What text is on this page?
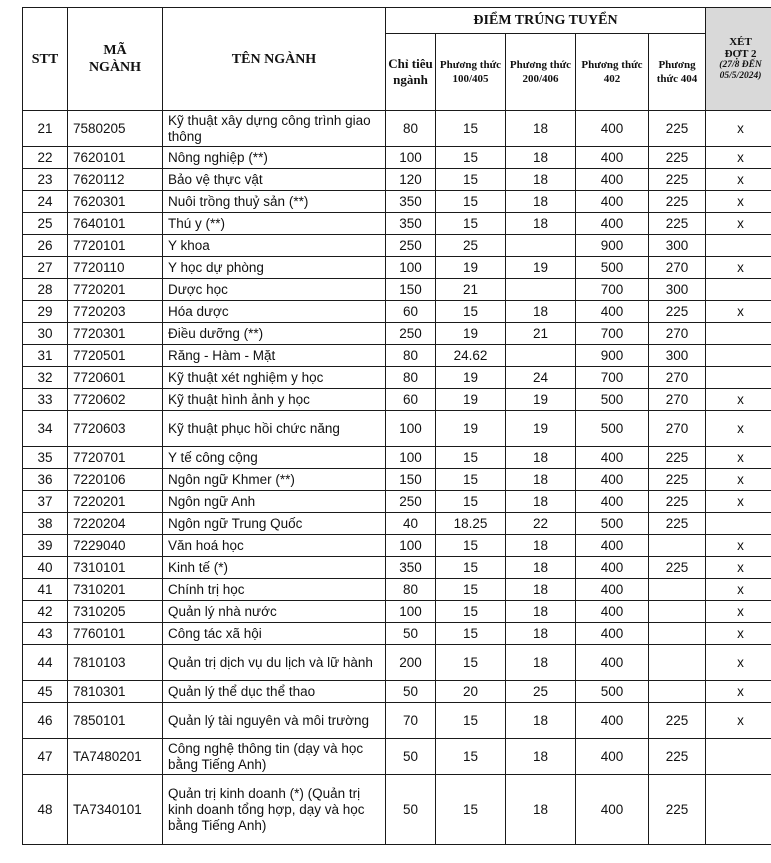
STT	MÃ NGÀNH	TÊN NGÀNH	ĐIỂM TRÚNG TUYỂN					XÉT ĐỢT 2
(27/8 ĐẾN 05/5/2024)

			Chỉ tiêu ngành	Phương thức 100/405	Phương thức 200/406	Phương thức 402	Phương thức 404	

21	7580205	Kỹ thuật xây dựng công trình giao thông	80	15	18	400	225	x
22	7620101	Nông nghiệp (**)	100	15	18	400	225	x
23	7620112	Bảo vệ thực vật	120	15	18	400	225	x
24	7620301	Nuôi trồng thuỷ sản (**)	350	15	18	400	225	x
25	7640101	Thú y (**)	350	15	18	400	225	x
26	7720101	Y khoa	250	25		900	300	
27	7720110	Y học dự phòng	100	19	19	500	270	x
28	7720201	Dược học	150	21		700	300	
29	7720203	Hóa dược	60	15	18	400	225	x
30	7720301	Điều dưỡng (**)	250	19	21	700	270	
31	7720501	Răng - Hàm - Mặt	80	24.62		900	300	
32	7720601	Kỹ thuật xét nghiệm y học	80	19	24	700	270	
33	7720602	Kỹ thuật hình ảnh y học	60	19	19	500	270	x
34	7720603	Kỹ thuật phục hồi chức năng	100	19	19	500	270	x
35	7720701	Y tế công cộng	100	15	18	400	225	x
36	7220106	Ngôn ngữ Khmer (**)	150	15	18	400	225	x
37	7220201	Ngôn ngữ Anh	250	15	18	400	225	x
38	7220204	Ngôn ngữ Trung Quốc	40	18.25	22	500	225	
39	7229040	Văn hoá học	100	15	18	400		x
40	7310101	Kinh tế (*)	350	15	18	400	225	x
41	7310201	Chính trị học	80	15	18	400		x
42	7310205	Quản lý nhà nước	100	15	18	400		x
43	7760101	Công tác xã hội	50	15	18	400		x
44	7810103	Quản trị dịch vụ du lịch và lữ hành	200	15	18	400		x
45	7810301	Quản lý thể dục thể thao	50	20	25	500		x
46	7850101	Quản lý tài nguyên và môi trường	70	15	18	400	225	x
47	TA7480201	Công nghệ thông tin (dạy và học bằng Tiếng Anh)	50	15	18	400	225	
48	TA7340101	Quản trị kinh doanh (*) (Quản trị kinh doanh tổng hợp, dạy và học bằng Tiếng Anh)	50	15	18	400	225	
